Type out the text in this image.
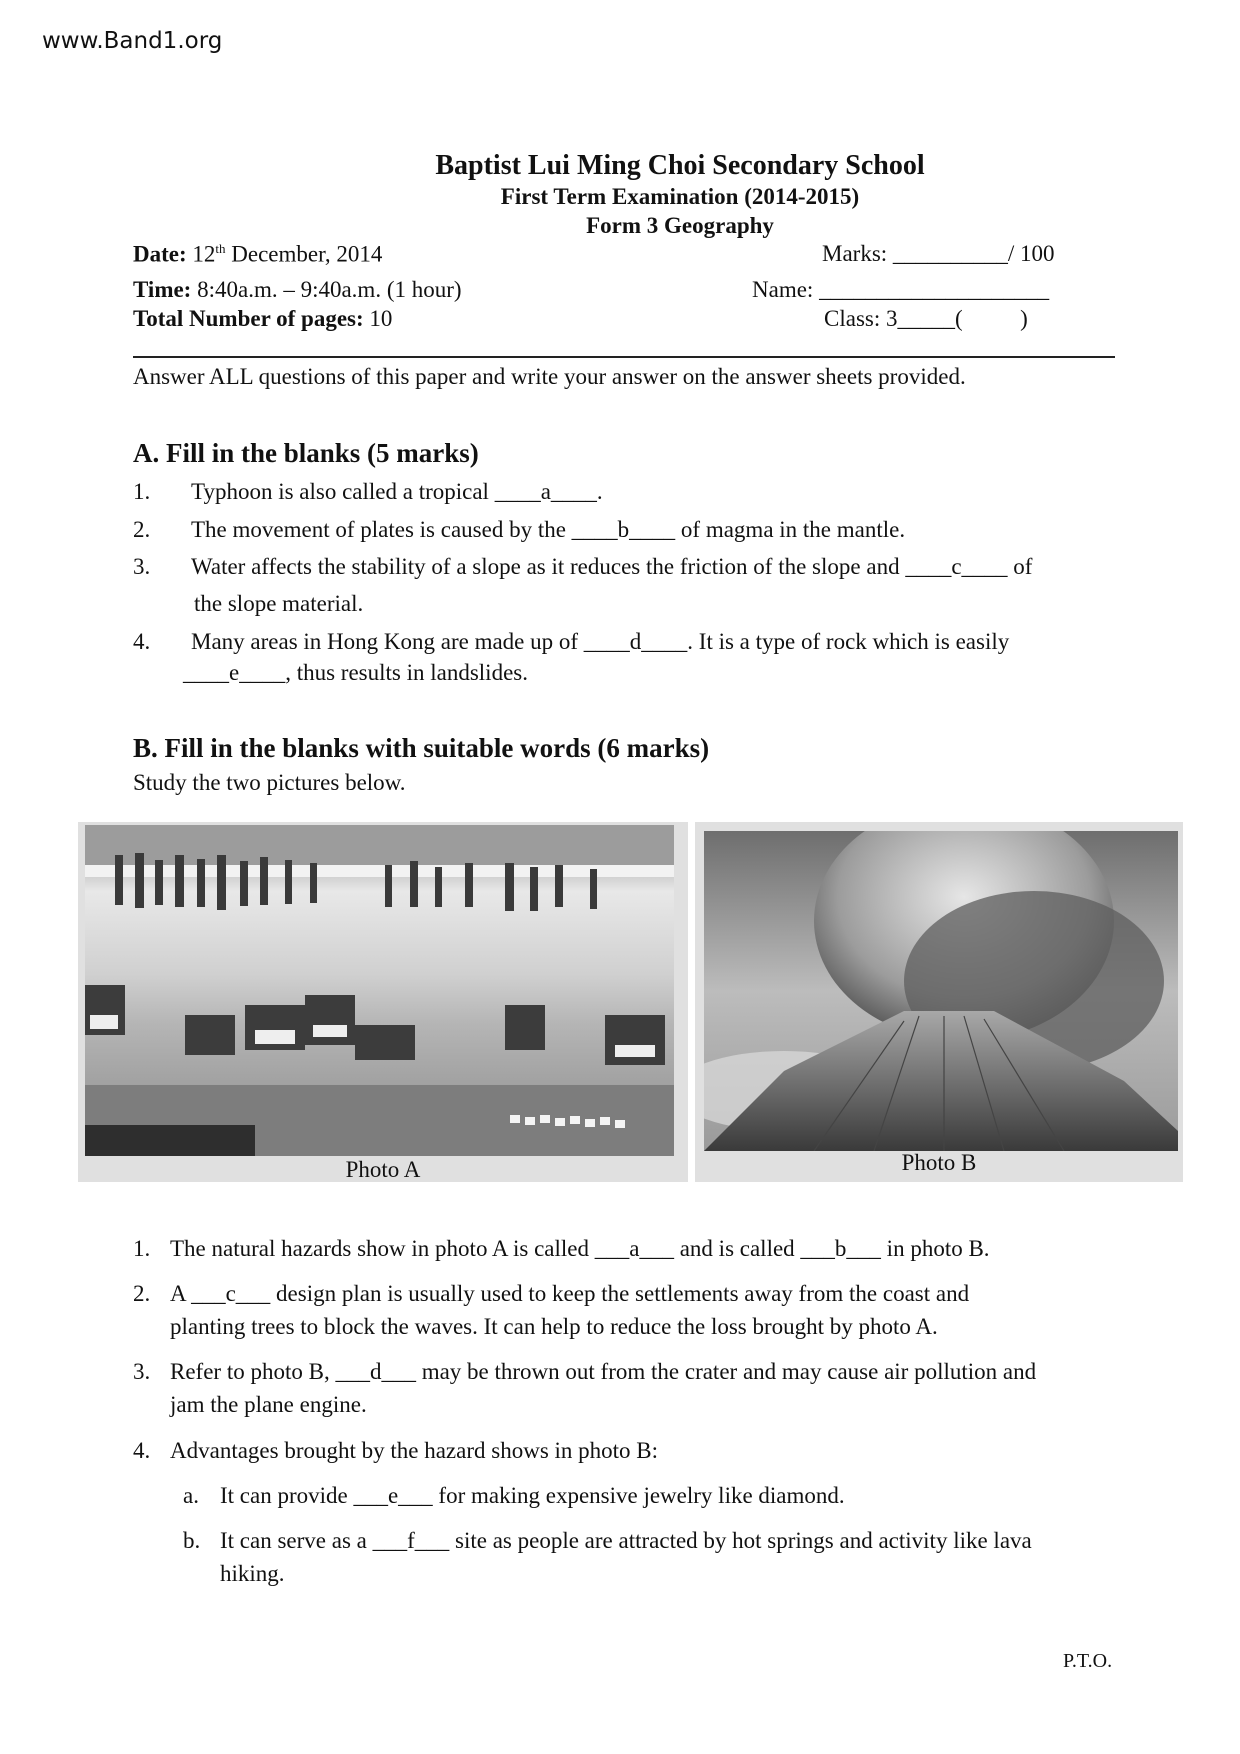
www.Band1.org
Baptist Lui Ming Choi Secondary School
First Term Examination (2014-2015)
Form 3 Geography
Date: 12th December, 2014
Time: 8:40a.m. – 9:40a.m. (1 hour)
Total Number of pages: 10
Marks: __________/ 100
Name: ____________________
Class: 3_____(          )
Answer ALL questions of this paper and write your answer on the answer sheets provided.
A. Fill in the blanks (5 marks)
1. Typhoon is also called a tropical ____a____.
2. The movement of plates is caused by the ____b____ of magma in the mantle.
3. Water affects the stability of a slope as it reduces the friction of the slope and ____c____ of
the slope material.
4. Many areas in Hong Kong are made up of ____d____. It is a type of rock which is easily
____e____, thus results in landslides.
B. Fill in the blanks with suitable words (6 marks)
Study the two pictures below.
Photo A	Photo B
1. The natural hazards show in photo A is called ___a___ and is called ___b___ in photo B.
2. A ___c___ design plan is usually used to keep the settlements away from the coast and
planting trees to block the waves. It can help to reduce the loss brought by photo A.
3. Refer to photo B, ___d___ may be thrown out from the crater and may cause air pollution and
jam the plane engine.
4. Advantages brought by the hazard shows in photo B:
a. It can provide ___e___ for making expensive jewelry like diamond.
b. It can serve as a ___f___ site as people are attracted by hot springs and activity like lava
hiking.
P.T.O.
